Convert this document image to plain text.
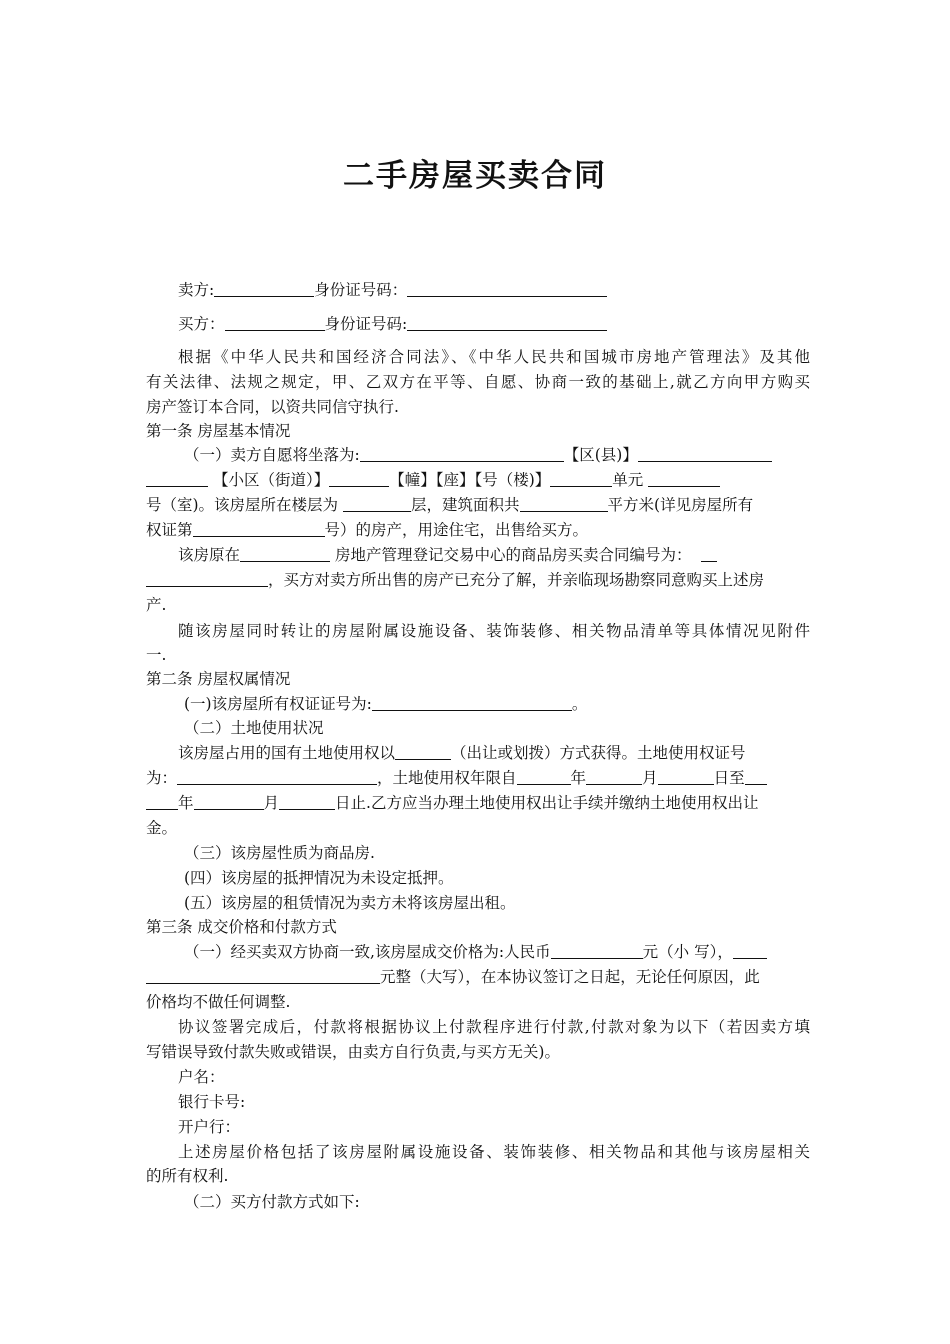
二手房屋买卖合同
卖方:	身份证号码：
买方：	身份证号码:
根据《中华人民共和国经济合同法》、《中华人民共和国城市房地产管理法》及其他
有关法律、法规之规定，甲、乙双方在平等、自愿、协商一致的基础上,就乙方向甲方购买
房产签订本合同，以资共同信守执行.
第一条 房屋基本情况
（一）卖方自愿将坐落为:	【区(县)】
【小区（街道）】	【幢】【座】【号（楼)】	单元
号（室)。该房屋所在楼层为	层，建筑面积共	平方米(详见房屋所有
权证第	号）的房产，用途住宅，出售给买方。
该房原在	房地产管理登记交易中心的商品房买卖合同编号为：
，买方对卖方所出售的房产已充分了解，并亲临现场勘察同意购买上述房
产.
随该房屋同时转让的房屋附属设施设备、装饰装修、相关物品清单等具体情况见附件
一.
第二条 房屋权属情况
(一)该房屋所有权证证号为:	。
（二）土地使用状况
该房屋占用的国有土地使用权以	（出让或划拨）方式获得。土地使用权证号
为：	，土地使用权年限自	年	月	日至
年	月	日止.乙方应当办理土地使用权出让手续并缴纳土地使用权出让
金。
（三）该房屋性质为商品房.
(四）该房屋的抵押情况为未设定抵押。
(五）该房屋的租赁情况为卖方未将该房屋出租。
第三条 成交价格和付款方式
（一）经买卖双方协商一致,该房屋成交价格为:人民币	元（小 写），
元整（大写），在本协议签订之日起，无论任何原因，此
价格均不做任何调整.
协议签署完成后，付款将根据协议上付款程序进行付款,付款对象为以下（若因卖方填
写错误导致付款失败或错误，由卖方自行负责,与买方无关)。
户名：
银行卡号:
开户行：
上述房屋价格包括了该房屋附属设施设备、装饰装修、相关物品和其他与该房屋相关
的所有权利.
（二）买方付款方式如下:
